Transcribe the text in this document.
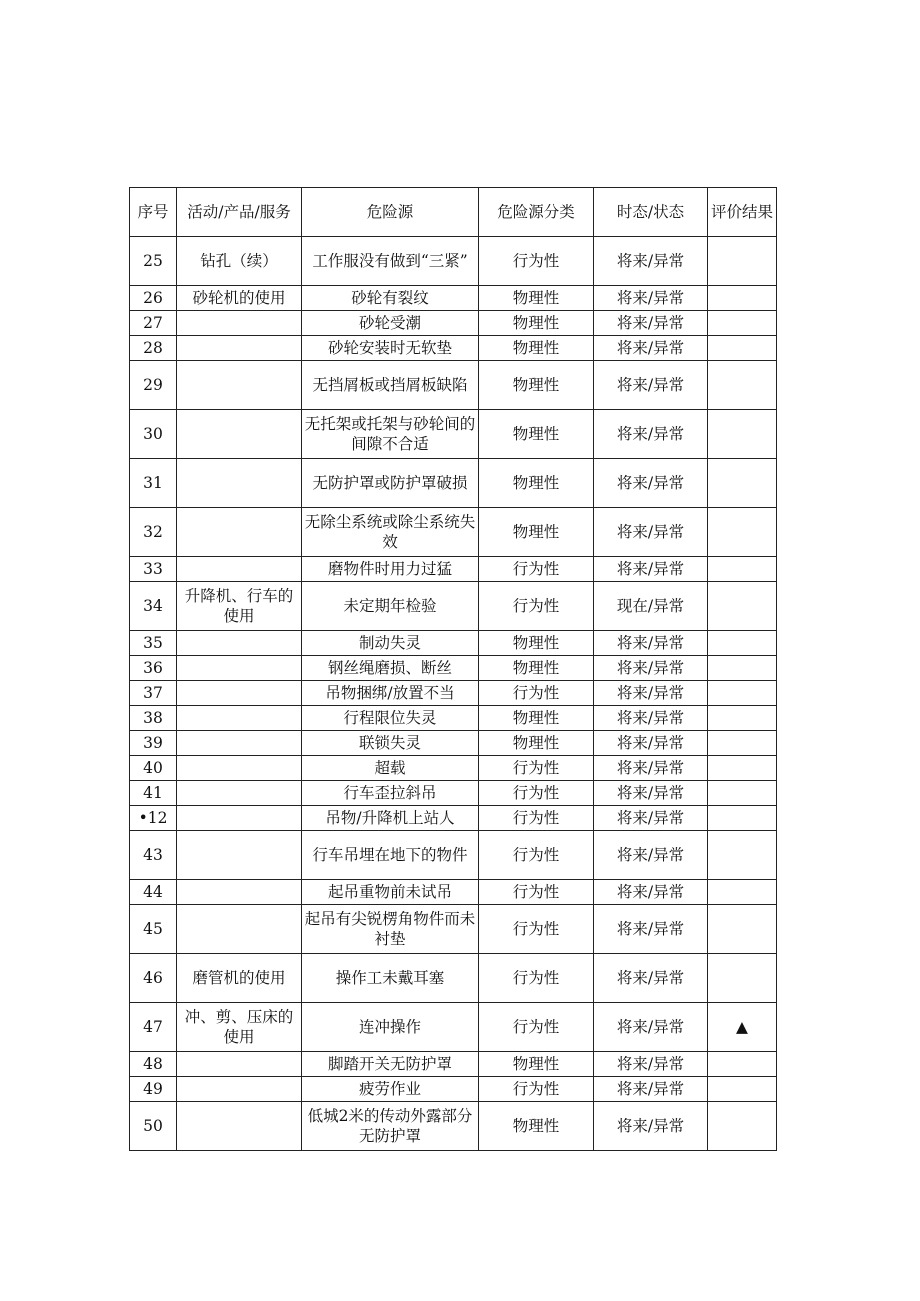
序号	活动/产品/服务	危险源	危险源分类	时态/状态	评价结果
25	钻孔（续）	工作服没有做到“三紧”	行为性	将来/异常	
26	砂轮机的使用	砂轮有裂纹	物理性	将来/异常	
27		砂轮受潮	物理性	将来/异常	
28		砂轮安装时无软垫	物理性	将来/异常	
29		无挡屑板或挡屑板缺陷	物理性	将来/异常	
30		无托架或托架与砂轮间的间隙不合适	物理性	将来/异常	
31		无防护罩或防护罩破损	物理性	将来/异常	
32		无除尘系统或除尘系统失效	物理性	将来/异常	
33		磨物件时用力过猛	行为性	将来/异常	
34	升降机、行车的使用	未定期年检验	行为性	现在/异常	
35		制动失灵	物理性	将来/异常	
36		钢丝绳磨损、断丝	物理性	将来/异常	
37		吊物捆绑/放置不当	行为性	将来/异常	
38		行程限位失灵	物理性	将来/异常	
39		联锁失灵	物理性	将来/异常	
40		超载	行为性	将来/异常	
41		行车歪拉斜吊	行为性	将来/异常	
•12		吊物/升降机上站人	行为性	将来/异常	
43		行车吊埋在地下的物件	行为性	将来/异常	
44		起吊重物前未试吊	行为性	将来/异常	
45		起吊有尖锐楞角物件而未衬垫	行为性	将来/异常	
46	磨管机的使用	操作工未戴耳塞	行为性	将来/异常	
47	冲、剪、压床的使用	连冲操作	行为性	将来/异常	▲
48		脚踏开关无防护罩	物理性	将来/异常	
49		疲劳作业	行为性	将来/异常	
50		低城2米的传动外露部分无防护罩	物理性	将来/异常	
